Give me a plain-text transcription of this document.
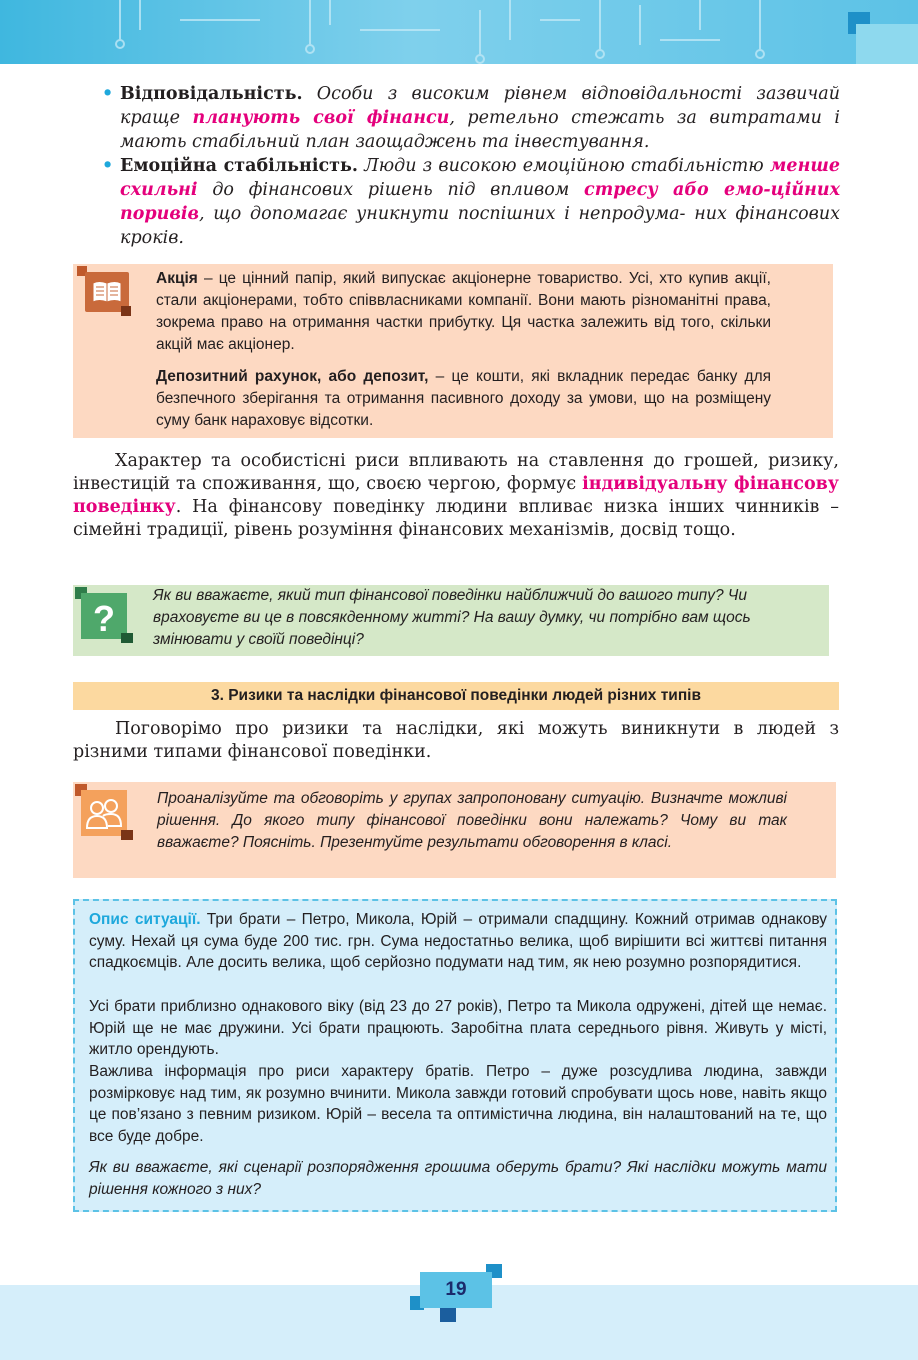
• Відповідальність. Особи з високим рівнем відповідальності зазвичай краще планують свої фінанси, ретельно стежать за витратами і мають стабільний план заощаджень та інвестування.
• Емоційна стабільність. Люди з високою емоційною стабільністю менше схильні до фінансових рішень під впливом стресу або емо-ційних поривів, що допомагає уникнути поспішних і непродума- них фінансових кроків.
Акція – це цінний папір, який випускає акціонерне товариство. Усі, хто купив акції, стали акціонерами, тобто співвласниками компанії. Вони мають різноманітні права, зокрема право на отримання частки прибутку. Ця частка залежить від того, скільки акцій має акціонер.
Депозитний рахунок, або депозит, – це кошти, які вкладник передає банку для безпечного зберігання та отримання пасивного доходу за умови, що на розміщену суму банк нараховує відсотки.
Характер та особистісні риси впливають на ставлення до грошей, ризику, інвестицій та споживання, що, своєю чергою, формує індивідуальну фінансову поведінку. На фінансову поведінку людини впливає низка інших чинників – сімейні традиції, рівень розуміння фінансових механізмів, досвід тощо.
?
Як ви вважаєте, який тип фінансової поведінки найближчий до вашого типу? Чи враховуєте ви це в повсякденному житті? На вашу думку, чи потрібно вам щось змінювати у своїй поведінці?
3. Ризики та наслідки фінансової поведінки людей різних типів
Поговорімо про ризики та наслідки, які можуть виникнути в людей з різними типами фінансової поведінки.
Проаналізуйте та обговоріть у групах запропоновану ситуацію. Визначте можливі рішення. До якого типу фінансової поведінки вони належать? Чому ви так вважаєте? Поясніть. Презентуйте результати обговорення в класі.
Опис ситуації. Три брати – Петро, Микола, Юрій – отримали спадщину. Кожний отримав однакову суму. Нехай ця сума буде 200 тис. грн. Сума недостатньо велика, щоб вирішити всі життєві питання спадкоємців. Але досить велика, щоб серйозно подумати над тим, як нею розумно розпорядитися.
Усі брати приблизно однакового віку (від 23 до 27 років), Петро та Микола одружені, дітей ще немає. Юрій ще не має дружини. Усі брати працюють. Заробітна плата середнього рівня. Живуть у місті, житло орендують.
Важлива інформація про риси характеру братів. Петро – дуже розсудлива людина, завжди розмірковує над тим, як розумно вчинити. Микола завжди готовий спробувати щось нове, навіть якщо це пов’язано з певним ризиком. Юрій – весела та оптимістична людина, він налаштований на те, що все буде добре.
Як ви вважаєте, які сценарії розпорядження грошима оберуть брати? Які наслідки можуть мати рішення кожного з них?
19
